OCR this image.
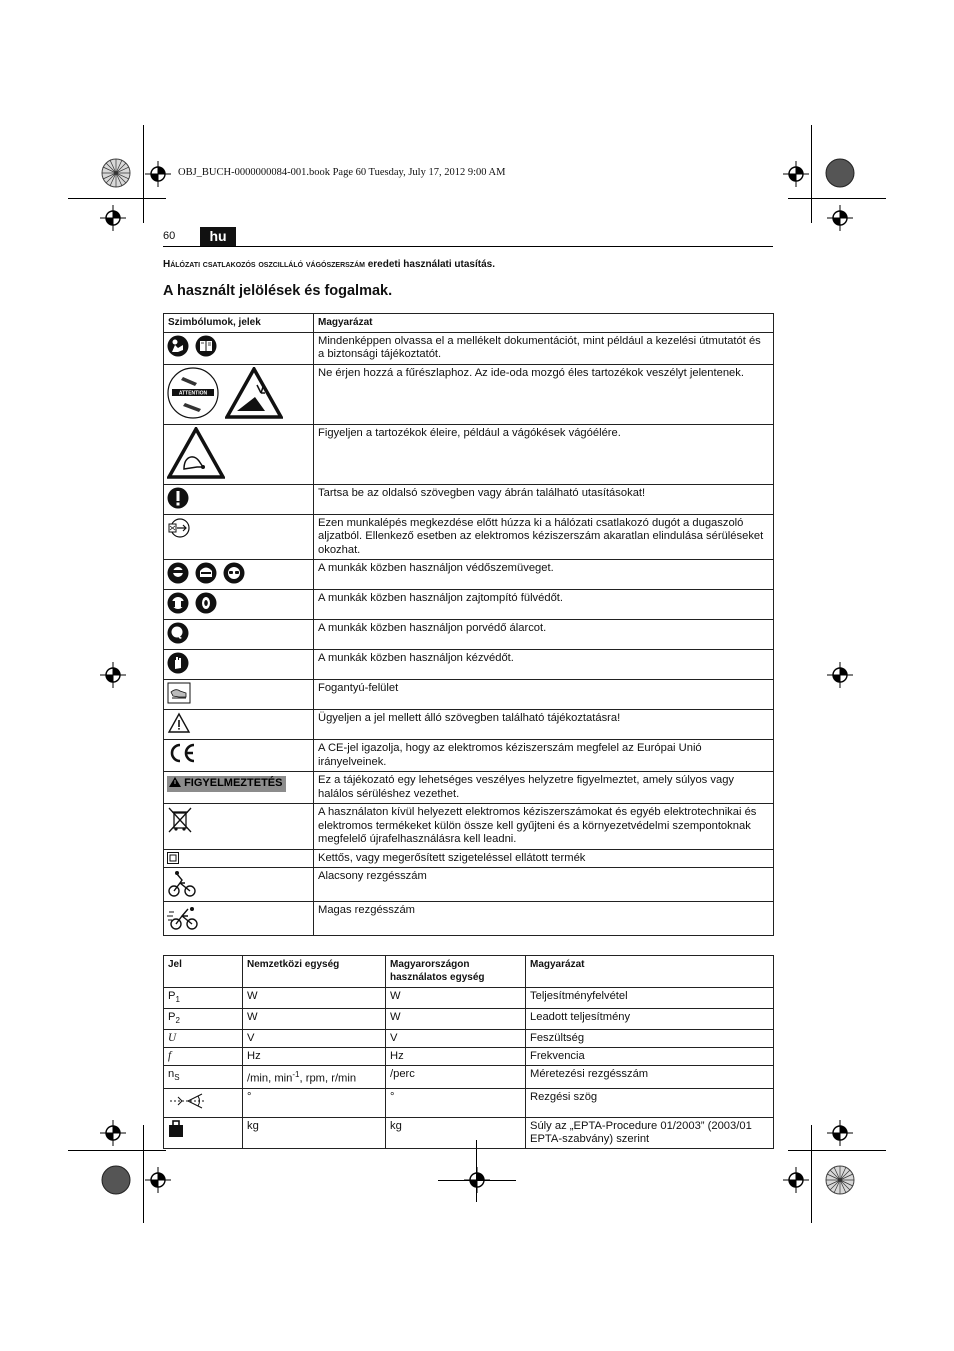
OBJ_BUCH-0000000084-001.book Page 60 Tuesday, July 17, 2012 9:00 AM
60	hu
Hálózati csatlakozós oszcilláló vágószerszám eredeti használati utasítás.
A használt jelölések és fogalmak.
Szimbólumok, jelek	Magyarázat
	Mindenképpen olvassa el a mellékelt dokumentációt, mint például a kezelési útmutatót és a biztonsági tájékoztatót.

ATTENTION	Ne érjen hozzá a fűrészlaphoz. Az ide-oda mozgó éles tartozékok veszélyt jelentenek.
	Figyeljen a tartozékok éleire, például a vágókések vágóélére.
	Tartsa be az oldalsó szövegben vagy ábrán található utasításokat!
	Ezen munkalépés megkezdése előtt húzza ki a hálózati csatlakozó dugót a dugaszoló aljzatból. Ellenkező esetben az elektromos kéziszerszám akaratlan elindulása sérüléseket okozhat.
	A munkák közben használjon védőszemüveget.
	A munkák közben használjon zajtompító fülvédőt.
	A munkák közben használjon porvédő álarcot.
	A munkák közben használjon kézvédőt.
	Fogantyú-felület
	Ügyeljen a jel mellett álló szövegben található tájékoztatásra!
	A CE-jel igazolja, hogy az elektromos kéziszerszám megfelel az Európai Unió irányelveinek.
FIGYELMEZTETÉS	Ez a tájékozató egy lehetséges veszélyes helyzetre figyelmeztet, amely súlyos vagy halálos sérüléshez vezethet.
	A használaton kívül helyezett elektromos kéziszerszámokat és egyéb elektrotechnikai és elektromos termékeket külön össze kell gyűjteni és a környezetvédelmi szempontoknak megfelelő újrafelhasználásra kell leadni.
	Kettős, vagy megerősített szigeteléssel ellátott termék
	Alacsony rezgésszám
	Magas rezgésszám
Jel	Nemzetközi egység	Magyarországon használatos egység	Magyarázat
$P_1$	W	W	Teljesítményfelvétel
$P_2$	W	W	Leadott teljesítmény
U	V	V	Feszültség
f	Hz	Hz	Frekvencia
$n_S$	/min, $\min^{-1}$, rpm, r/min	/perc	Méretezési rezgésszám
	°	°	Rezgési szög
	kg	kg	Súly az „EPTA-Procedure 01/2003” (2003/01 EPTA-szabvány) szerint
